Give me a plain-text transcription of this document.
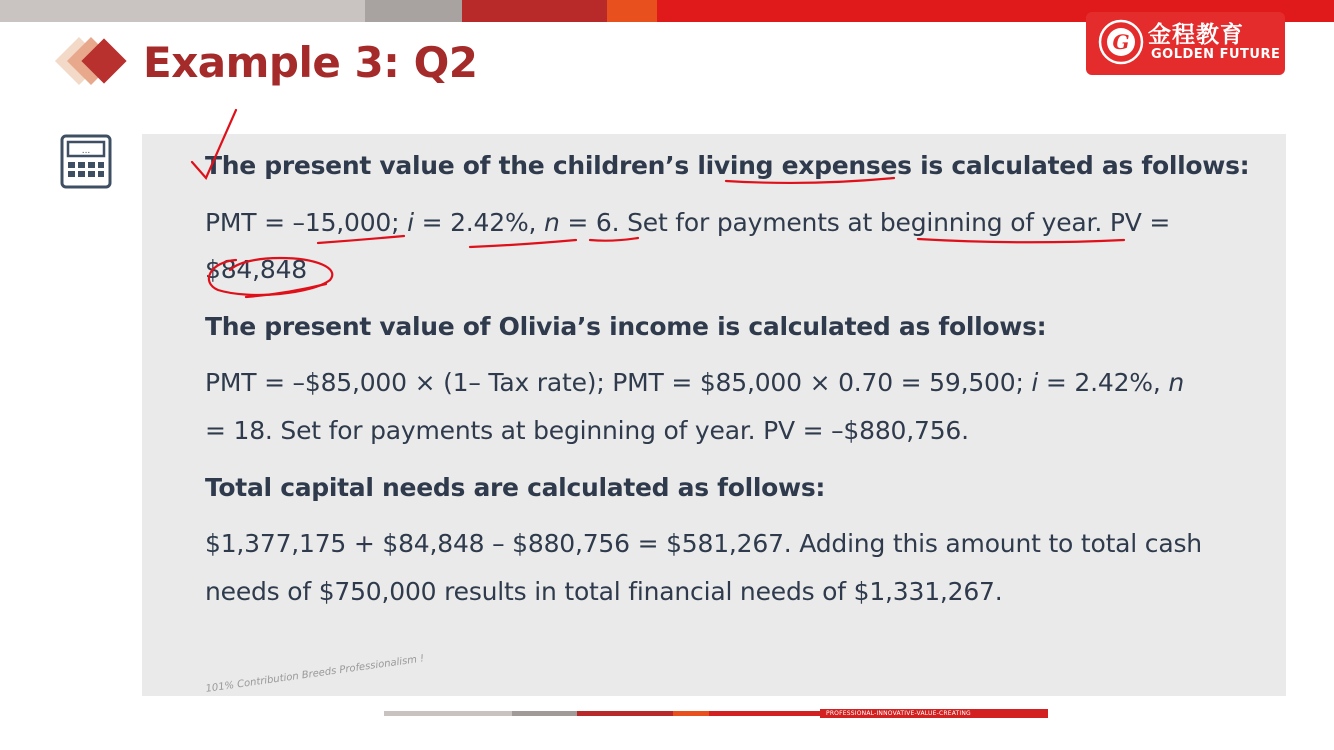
Example 3: Q2	G 金程教育
GOLDEN FUTURE
...	The present value of the children’s living expenses is calculated as follows:
PMT = –15,000; i = 2.42%, n = 6. Set for payments at beginning of year. PV =
$84,848
The present value of Olivia’s income is calculated as follows:
PMT = –$85,000 × (1– Tax rate); PMT = $85,000 × 0.70 = 59,500; i = 2.42%, n
= 18. Set for payments at beginning of year. PV = –$880,756.
Total capital needs are calculated as follows:
$1,377,175 + $84,848 – $880,756 = $581,267. Adding this amount to total cash
needs of $750,000 results in total financial needs of $1,331,267.
101% Contribution Breeds Professionalism !
PROFESSIONAL-INNOVATIVE-VALUE-CREATING
